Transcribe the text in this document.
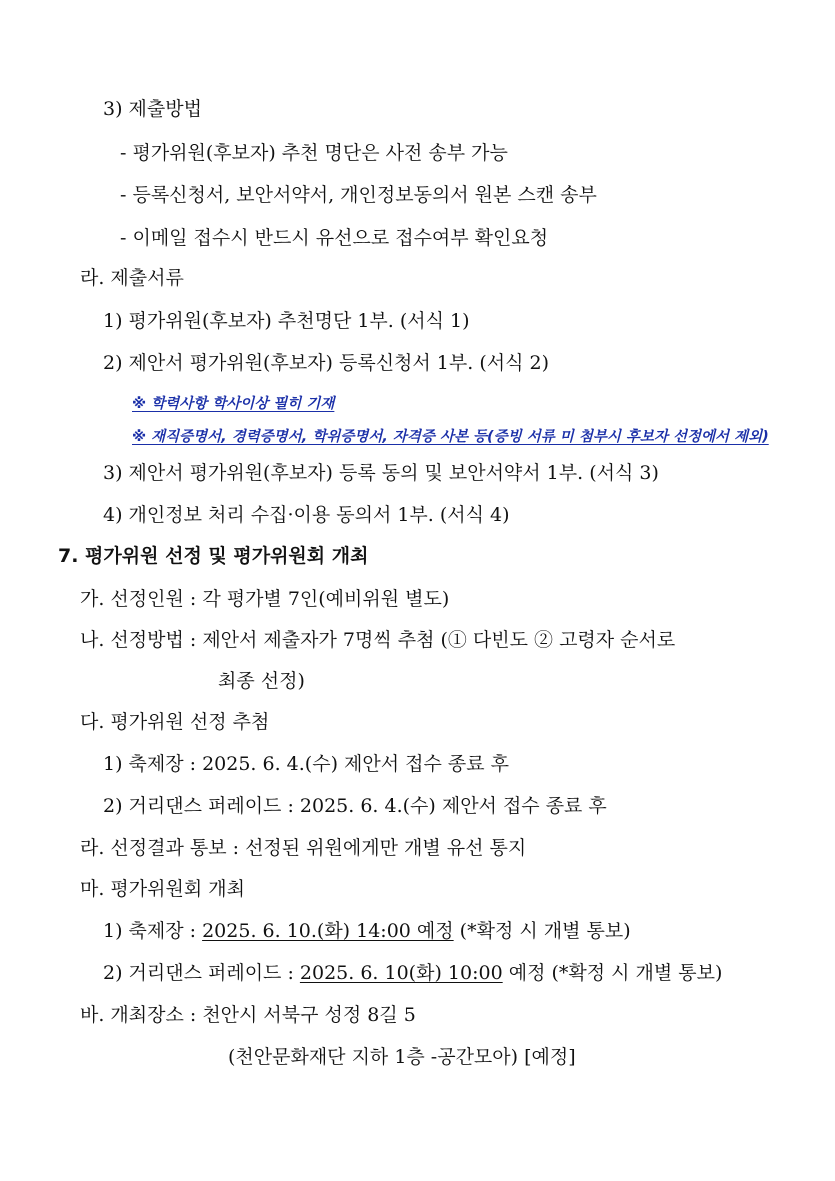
3) 제출방법
- 평가위원(후보자) 추천 명단은 사전 송부 가능
- 등록신청서, 보안서약서, 개인정보동의서 원본 스캔 송부
- 이메일 접수시 반드시 유선으로 접수여부 확인요청
라. 제출서류
1) 평가위원(후보자) 추천명단 1부. (서식 1)
2) 제안서 평가위원(후보자) 등록신청서 1부. (서식 2)
※ 학력사항 학사이상 필히 기재
※ 재직증명서, 경력증명서, 학위증명서, 자격증 사본 등(증빙 서류 미 첨부시 후보자 선정에서 제외)
3) 제안서 평가위원(후보자) 등록 동의 및 보안서약서 1부. (서식 3)
4) 개인정보 처리 수집·이용 동의서 1부. (서식 4)
7. 평가위원 선정 및 평가위원회 개최
가. 선정인원 : 각 평가별 7인(예비위원 별도)
나. 선정방법 : 제안서 제출자가 7명씩 추첨 (① 다빈도 ② 고령자 순서로
최종 선정)
다. 평가위원 선정 추첨
1) 축제장 : 2025. 6. 4.(수) 제안서 접수 종료 후
2) 거리댄스 퍼레이드 : 2025. 6. 4.(수) 제안서 접수 종료 후
라. 선정결과 통보 : 선정된 위원에게만 개별 유선 통지
마. 평가위원회 개최
1) 축제장 : 2025. 6. 10.(화) 14:00 예정 (*확정 시 개별 통보)
2) 거리댄스 퍼레이드 : 2025. 6. 10(화) 10:00 예정 (*확정 시 개별 통보)
바. 개최장소 : 천안시 서북구 성정 8길 5
(천안문화재단 지하 1층 -공간모아) [예정]
